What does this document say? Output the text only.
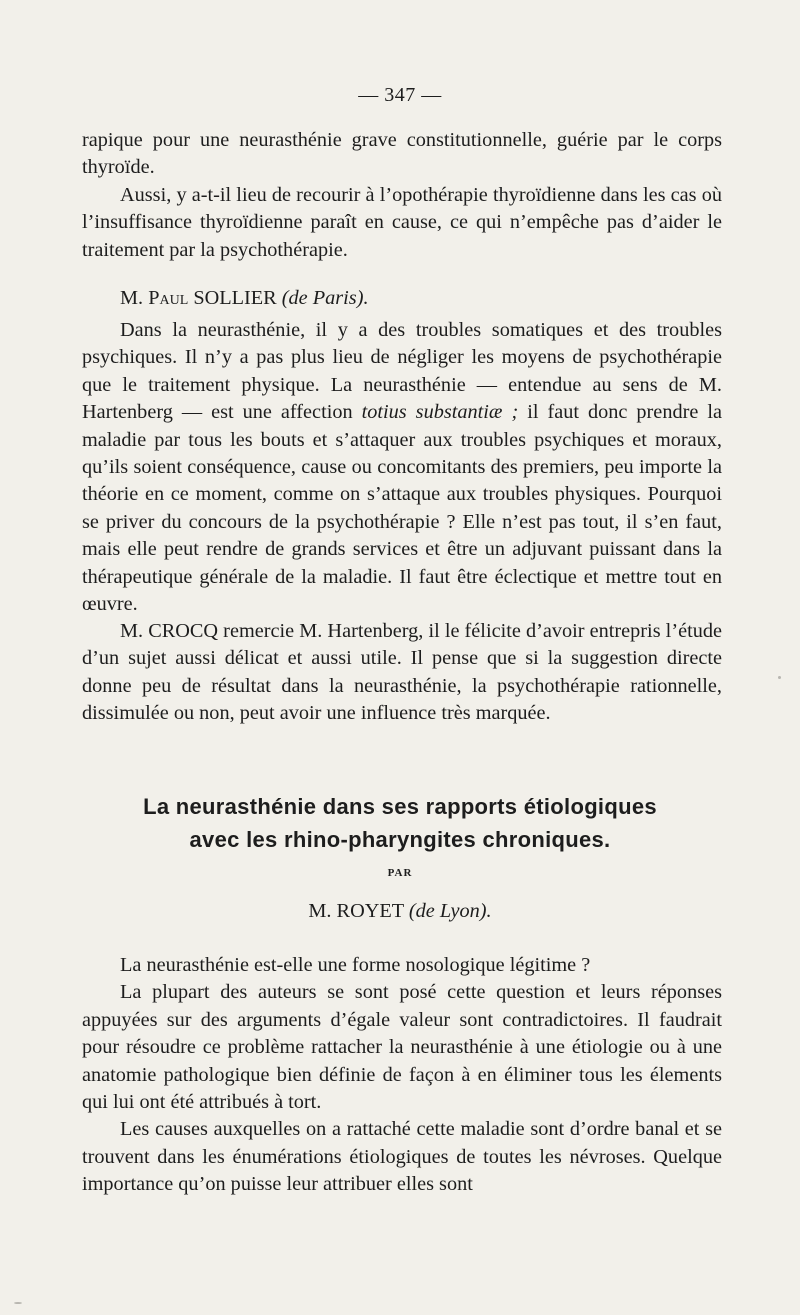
— 347 —

rapique pour une neurasthénie grave constitutionnelle, guérie par le corps thyroïde.

Aussi, y a-t-il lieu de recourir à l’opothérapie thyroïdienne dans les cas où l’insuffisance thyroïdienne paraît en cause, ce qui n’empêche pas d’aider le traitement par la psychothérapie.

M. Paul SOLLIER (de Paris).

Dans la neurasthénie, il y a des troubles somatiques et des troubles psychiques. Il n’y a pas plus lieu de négliger les moyens de psychothérapie que le traitement physique. La neurasthénie — entendue au sens de M. Hartenberg — est une affection totius substantiæ ; il faut donc prendre la maladie par tous les bouts et s’attaquer aux troubles psychiques et moraux, qu’ils soient conséquence, cause ou concomitants des premiers, peu importe la théorie en ce moment, comme on s’attaque aux troubles physiques. Pourquoi se priver du concours de la psychothérapie ? Elle n’est pas tout, il s’en faut, mais elle peut rendre de grands services et être un adjuvant puissant dans la thérapeutique générale de la maladie. Il faut être éclectique et mettre tout en œuvre.

M. CROCQ remercie M. Hartenberg, il le félicite d’avoir entrepris l’étude d’un sujet aussi délicat et aussi utile. Il pense que si la suggestion directe donne peu de résultat dans la neurasthénie, la psychothérapie rationnelle, dissimulée ou non, peut avoir une influence très marquée.

La neurasthénie dans ses rapports étiologiques
avec les rhino-pharyngites chroniques.
PAR
M. ROYET (de Lyon).

La neurasthénie est-elle une forme nosologique légitime ?

La plupart des auteurs se sont posé cette question et leurs réponses appuyées sur des arguments d’égale valeur sont contradictoires. Il faudrait pour résoudre ce problème rattacher la neurasthénie à une étiologie ou à une anatomie pathologique bien définie de façon à en éliminer tous les élements qui lui ont été attribués à tort.

Les causes auxquelles on a rattaché cette maladie sont d’ordre banal et se trouvent dans les énumérations étiologiques de toutes les névroses. Quelque importance qu’on puisse leur attribuer elles sont
